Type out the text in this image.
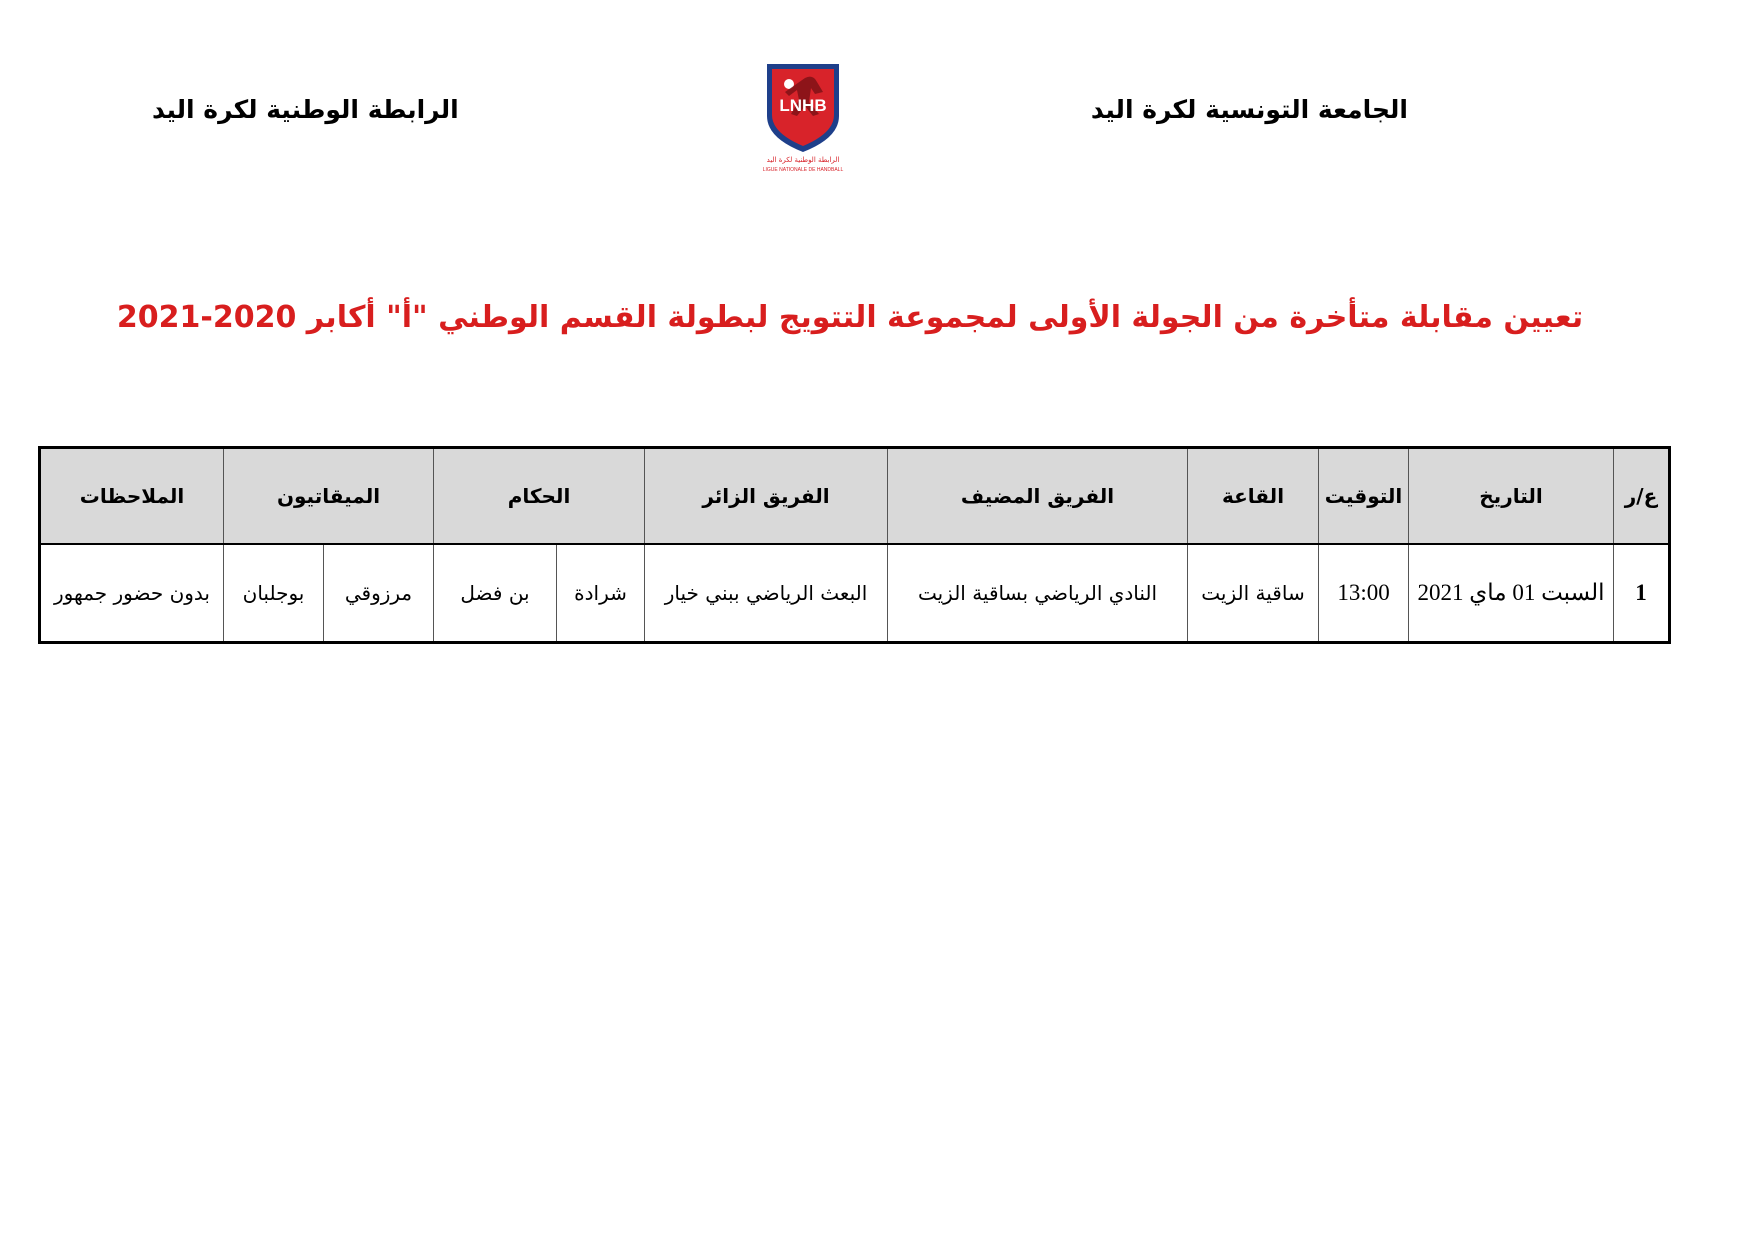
الجامعة التونسية لكرة اليد
LNHB
الرابطة الوطنية لكرة اليد
LIGUE NATIONALE DE HANDBALL
الرابطة الوطنية لكرة اليد
تعيين مقابلة متأخرة من الجولة الأولى لمجموعة التتويج لبطولة القسم الوطني "أ" أكابر 2020-2021
ع/ر	التاريخ	التوقيت	القاعة	الفريق المضيف	الفريق الزائر	الحكام		الميقاتيون		الملاحظات
1	السبت 01 ماي 2021	13:00	ساقية الزيت	النادي الرياضي بساقية الزيت	البعث الرياضي ببني خيار	شرادة	بن فضل	مرزوقي	بوجلبان	بدون حضور جمهور
